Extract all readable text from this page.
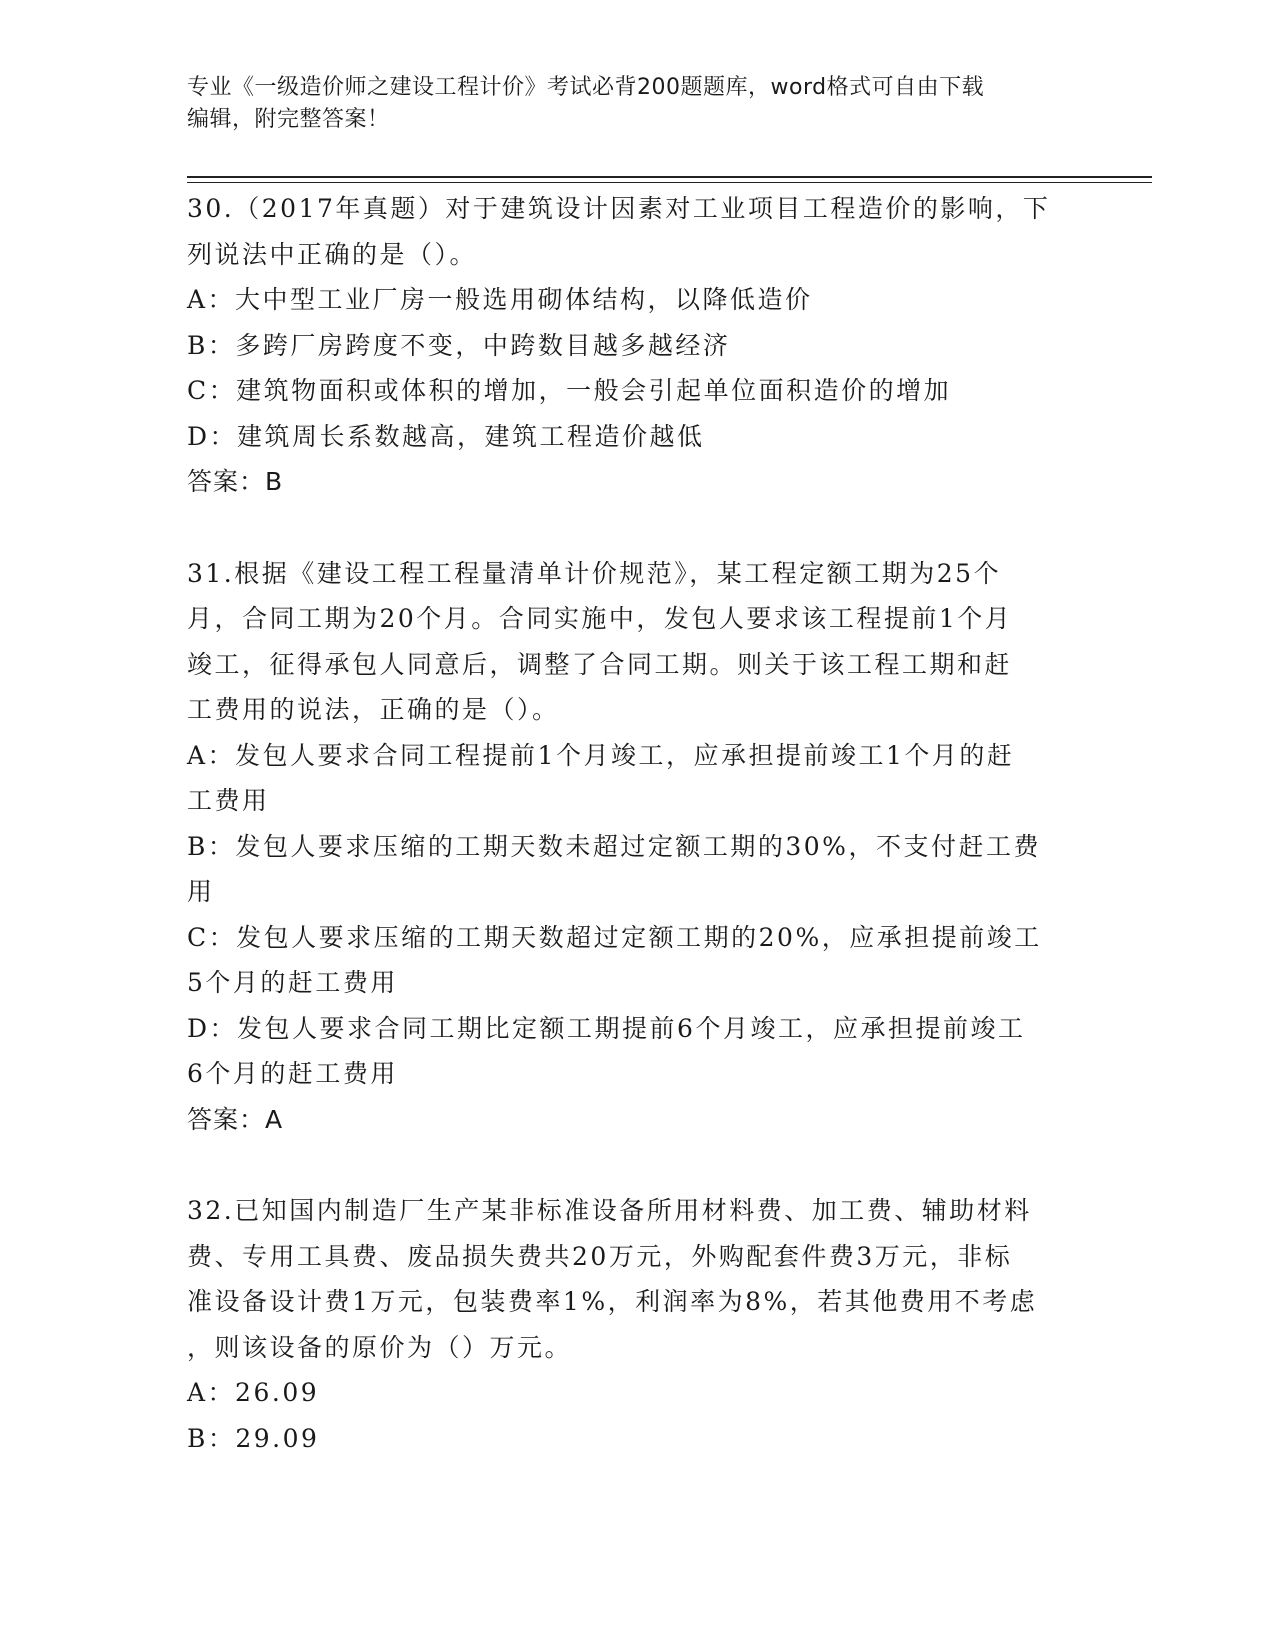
专业《一级造价师之建设工程计价》考试必背200题题库，word格式可自由下载
编辑，附完整答案！

30.（2017年真题）对于建筑设计因素对工业项目工程造价的影响，下

列说法中正确的是（）。

A：大中型工业厂房一般选用砌体结构，以降低造价

B：多跨厂房跨度不变，中跨数目越多越经济

C：建筑物面积或体积的增加，一般会引起单位面积造价的增加

D：建筑周长系数越高，建筑工程造价越低

答案：B

31.根据《建设工程工程量清单计价规范》，某工程定额工期为25个

月，合同工期为20个月。合同实施中，发包人要求该工程提前1个月

竣工，征得承包人同意后，调整了合同工期。则关于该工程工期和赶

工费用的说法，正确的是（）。

A：发包人要求合同工程提前1个月竣工，应承担提前竣工1个月的赶

工费用

B：发包人要求压缩的工期天数未超过定额工期的30%，不支付赶工费

用

C：发包人要求压缩的工期天数超过定额工期的20%，应承担提前竣工

5个月的赶工费用

D：发包人要求合同工期比定额工期提前6个月竣工，应承担提前竣工

6个月的赶工费用

答案：A

32.已知国内制造厂生产某非标准设备所用材料费、加工费、辅助材料

费、专用工具费、废品损失费共20万元，外购配套件费3万元，非标

准设备设计费1万元，包装费率1%，利润率为8%，若其他费用不考虑

，则该设备的原价为（）万元。

A：26.09

B：29.09
